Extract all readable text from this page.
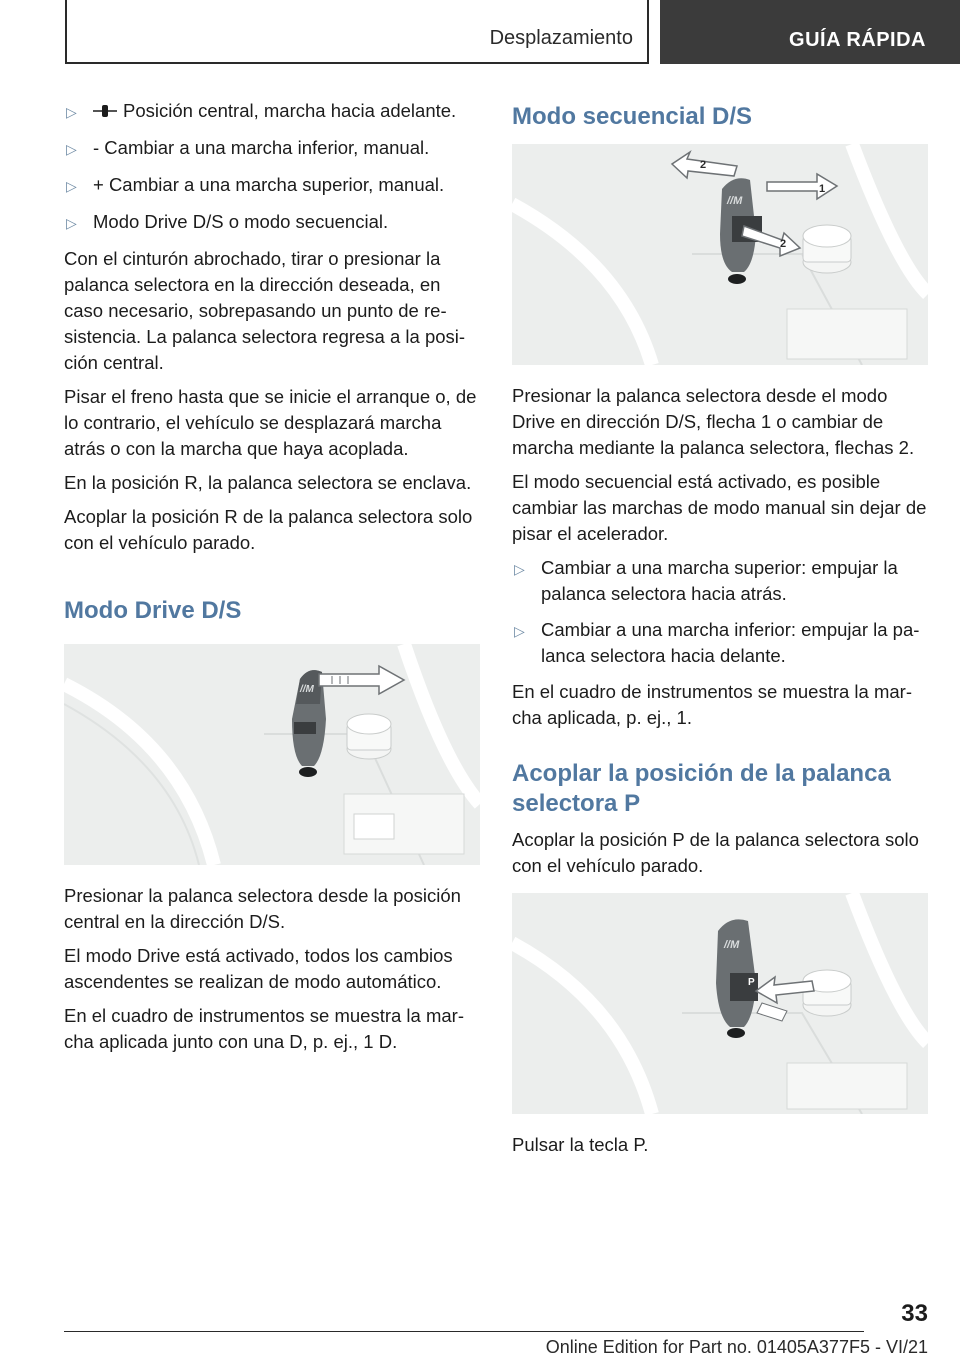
Desplazamiento	GUÍA RÁPIDA
▷	Posición central, marcha hacia adelante.
▷ - Cambiar a una marcha inferior, manual.
▷ + Cambiar a una marcha superior, manual.
▷ Modo Drive D/S o modo secuencial.

Con el cinturón abrochado, tirar o presionar la palanca selectora en la dirección deseada, en caso necesario, sobrepasando un punto de resistencia. La palanca selectora regresa a la posición central.

Pisar el freno hasta que se inicie el arranque o, de lo contrario, el vehículo se desplazará marcha atrás o con la marcha que haya acoplada.

En la posición R, la palanca selectora se enclava.

Acoplar la posición R de la palanca selectora solo con el vehículo parado.

Modo Drive D/S
//M

Presionar la palanca selectora desde la posición central en la dirección D/S.

El modo Drive está activado, todos los cambios ascendentes se realizan de modo automático.

En el cuadro de instrumentos se muestra la marcha aplicada junto con una D, p. ej., 1 D.

Modo secuencial D/S
//M
1
2
2

Presionar la palanca selectora desde el modo Drive en dirección D/S, flecha 1 o cambiar de marcha mediante la palanca selectora, flechas 2.

El modo secuencial está activado, es posible cambiar las marchas de modo manual sin dejar de pisar el acelerador.

▷ Cambiar a una marcha superior: empujar la palanca selectora hacia atrás.
▷ Cambiar a una marcha inferior: empujar la palanca selectora hacia delante.

En el cuadro de instrumentos se muestra la marcha aplicada, p. ej., 1.

Acoplar la posición de la palanca selectora P

Acoplar la posición P de la palanca selectora solo con el vehículo parado.

//M
P

Pulsar la tecla P.

33
Online Edition for Part no. 01405A377F5 - VI/21
